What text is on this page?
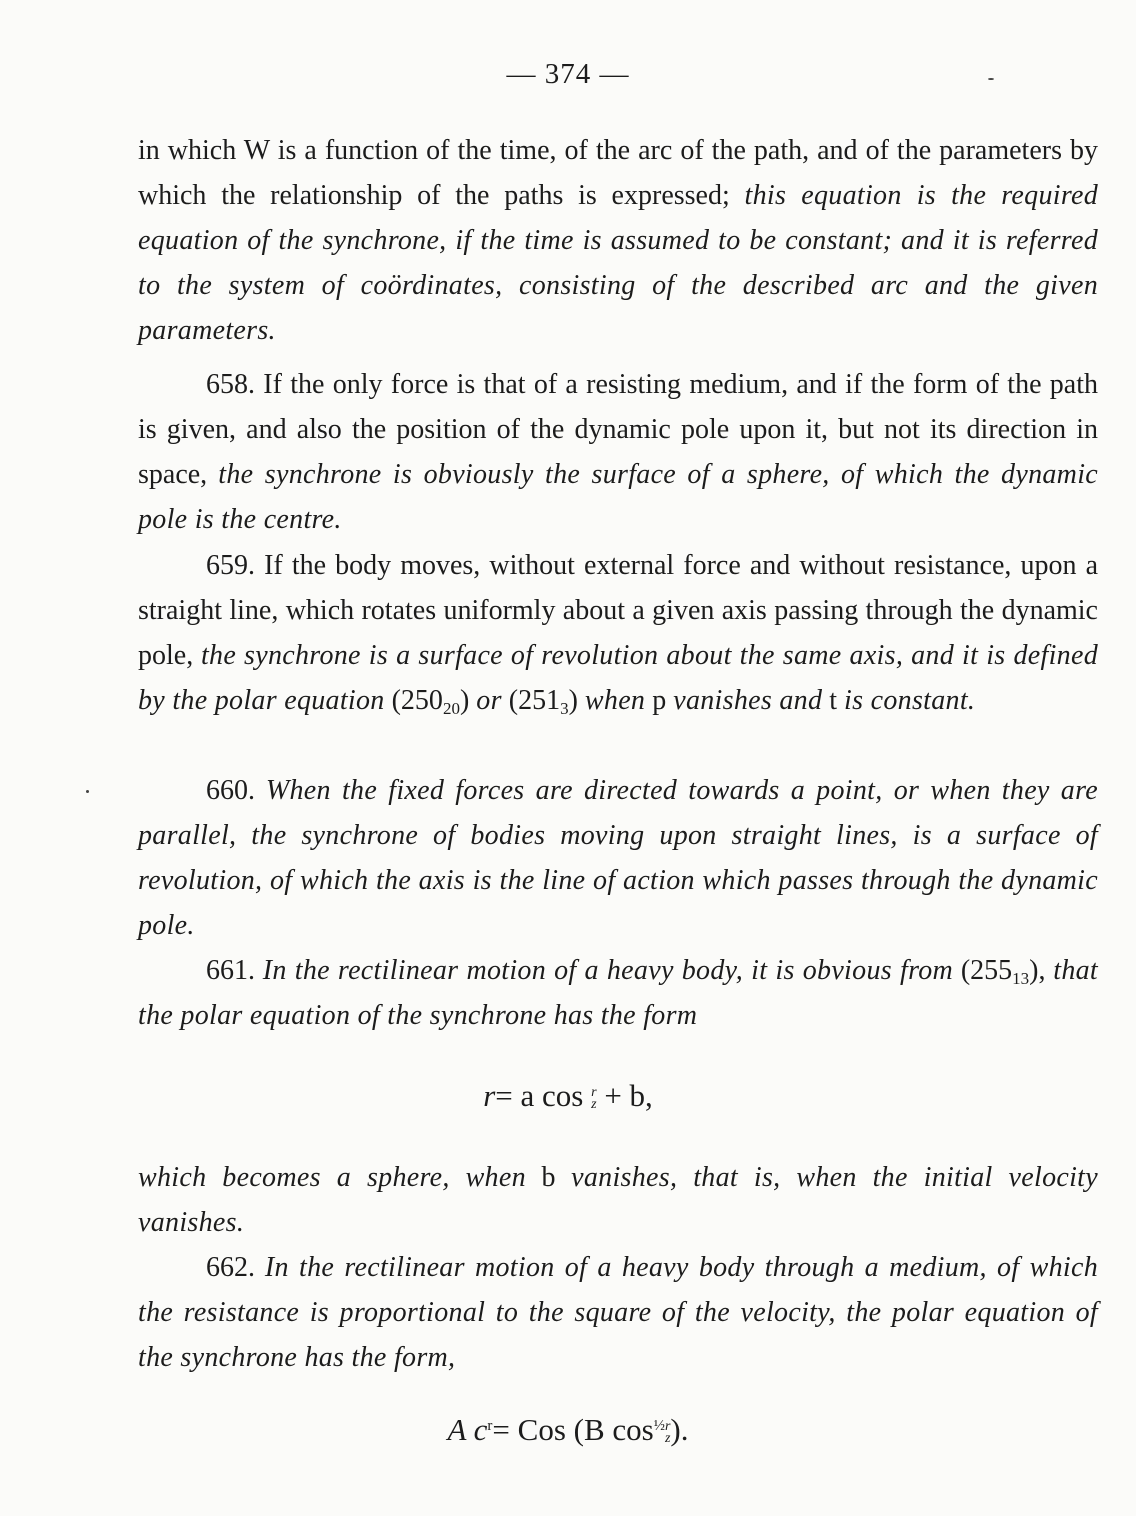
— 374 —

in which W is a function of the time, of the arc of the path, and of the parameters by which the relationship of the paths is expressed; this equation is the required equation of the synchrone, if the time is assumed to be constant; and it is referred to the system of coördinates, consisting of the described arc and the given parameters.

658. If the only force is that of a resisting medium, and if the form of the path is given, and also the position of the dynamic pole upon it, but not its direction in space, the synchrone is obviously the surface of a sphere, of which the dynamic pole is the centre.

659. If the body moves, without external force and without resistance, upon a straight line, which rotates uniformly about a given axis passing through the dynamic pole, the synchrone is a surface of revolution about the same axis, and it is defined by the polar equation $(250_{20})$ or $(251_3)$ when p vanishes and t is constant.

660. When the fixed forces are directed towards a point, or when they are parallel, the synchrone of bodies moving upon straight lines, is a surface of revolution, of which the axis is the line of action which passes through the dynamic pole.

661. In the rectilinear motion of a heavy body, it is obvious from $(255_{13})$, that the polar equation of the synchrone has the form

r= a cos r
z + b,

which becomes a sphere, when b vanishes, that is, when the initial velocity vanishes.

662. In the rectilinear motion of a heavy body through a medium, of which the resistance is proportional to the square of the velocity, the polar equation of the synchrone has the form,

A $c^r=$ Cos (B $\cos^{\frac{1}{2}} r$
z ).
